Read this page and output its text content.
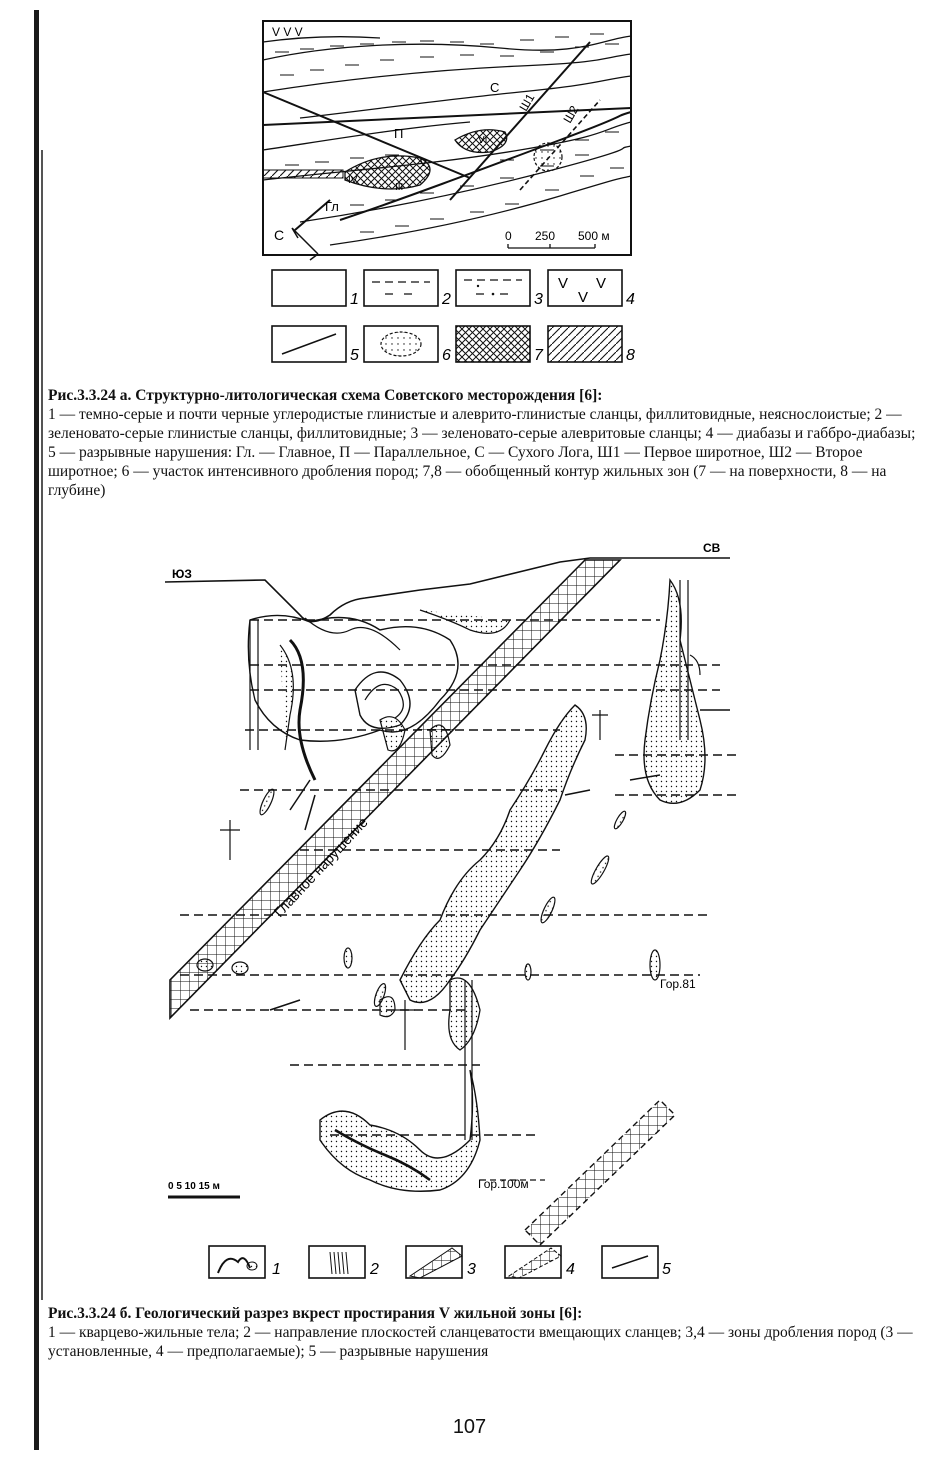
V V V
С
П
Ш1
Ш2
Гл
VI
V
IV
III
С	0 250 500 м
1	2	3
V V
V 4
5	6	7	8
Рис.3.3.24 а. Структурно-литологическая схема Советского месторождения [6]:
1 — темно-серые и почти черные углеродистые глинистые и алеврито-глинистые сланцы, филлитовидные, неяснослоистые; 2 — зеленовато-серые глинистые сланцы, филлитовидные; 3 — зеленовато-серые алевритовые сланцы; 4 — диабазы и габбро-диабазы; 5 — разрывные нарушения: Гл. — Главное, П — Параллельное, С — Сухого Лога, Ш1 — Первое широтное, Ш2 — Второе широтное; 6 — участок интенсивного дробления пород; 7,8 — обобщенный контур жильных зон (7 — на поверхности, 8 — на глубине)
ЮЗ
СВ
Главное нарушение
Гор.81
Гор.100м
0 5 10 15 м
1	2	3	4	5
Рис.3.3.24 б. Геологический разрез вкрест простирания V жильной зоны [6]:
1 — кварцево-жильные тела; 2 — направление плоскостей сланцеватости вмещающих сланцев; 3,4 — зоны дробления пород (3 — установленные, 4 — предполагаемые); 5 — разрывные нарушения
107
